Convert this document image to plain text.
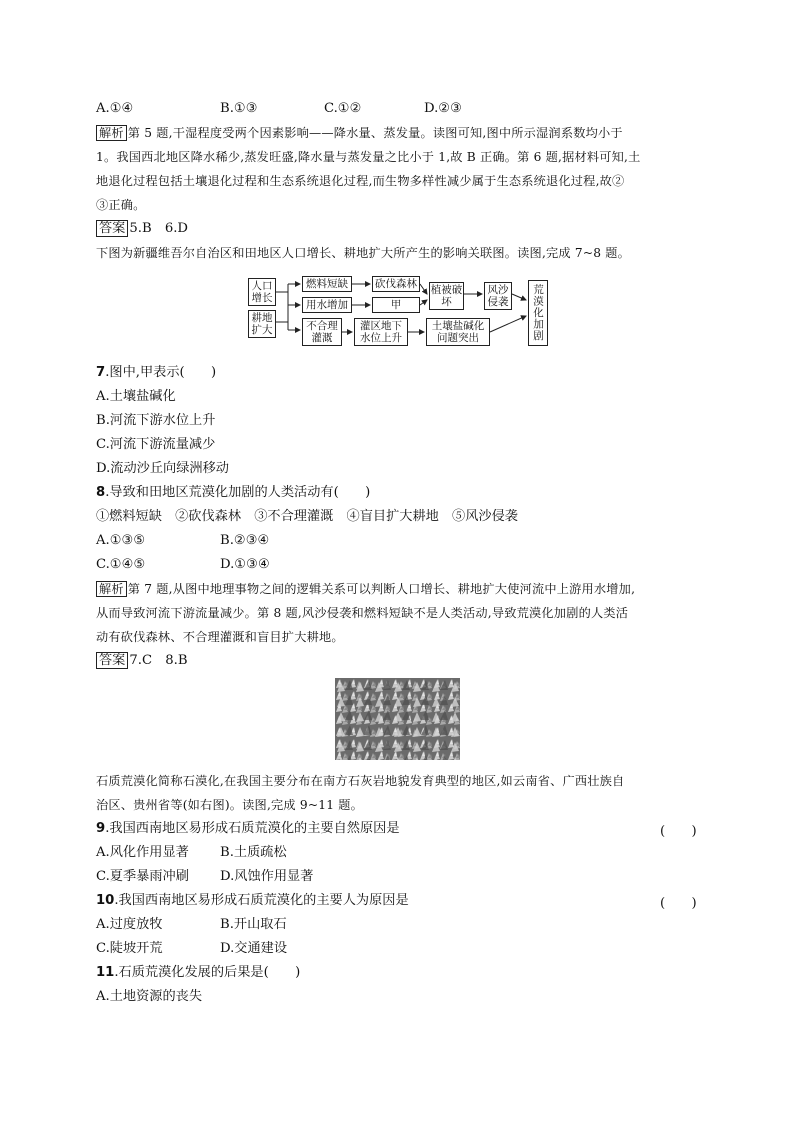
A.①④	B.①③	C.①②	D.②③
解析 第 5 题,干湿程度受两个因素影响——降水量、蒸发量。读图可知,图中所示湿润系数均小于
1。我国西北地区降水稀少,蒸发旺盛,降水量与蒸发量之比小于 1,故 B 正确。第 6 题,据材料可知,土
地退化过程包括土壤退化过程和生态系统退化过程,而生物多样性减少属于生态系统退化过程,故②
③正确。
答案 5.B　6.D
下图为新疆维吾尔自治区和田地区人口增长、耕地扩大所产生的影响关联图。读图,完成 7~8 题。
人口增长
耕地扩大
燃料短缺
用水增加
不合理灌溉
砍伐森林
甲
灌区地下水位上升
植被破坏
风沙侵袭
土壤盐碱化问题突出	荒漠化加剧
7.图中,甲表示(　　)
A.土壤盐碱化
B.河流下游水位上升
C.河流下游流量减少
D.流动沙丘向绿洲移动
8.导致和田地区荒漠化加剧的人类活动有(　　)
①燃料短缺　②砍伐森林　③不合理灌溉　④盲目扩大耕地　⑤风沙侵袭
A.①③⑤	B.②③④
C.①④⑤	D.①③④
解析 第 7 题,从图中地理事物之间的逻辑关系可以判断人口增长、耕地扩大使河流中上游用水增加,
从而导致河流下游流量减少。第 8 题,风沙侵袭和燃料短缺不是人类活动,导致荒漠化加剧的人类活
动有砍伐森林、不合理灌溉和盲目扩大耕地。
答案 7.C　8.B
石质荒漠化简称石漠化,在我国主要分布在南方石灰岩地貌发育典型的地区,如云南省、广西壮族自
治区、贵州省等(如右图)。读图,完成 9~11 题。
9.我国西南地区易形成石质荒漠化的主要自然原因是	(　　)
A.风化作用显著 B.土质疏松
C.夏季暴雨冲刷 D.风蚀作用显著
10.我国西南地区易形成石质荒漠化的主要人为原因是	(　　)
A.过度放牧	B.开山取石
C.陡坡开荒	D.交通建设
11.石质荒漠化发展的后果是(　　)
A.土地资源的丧失
